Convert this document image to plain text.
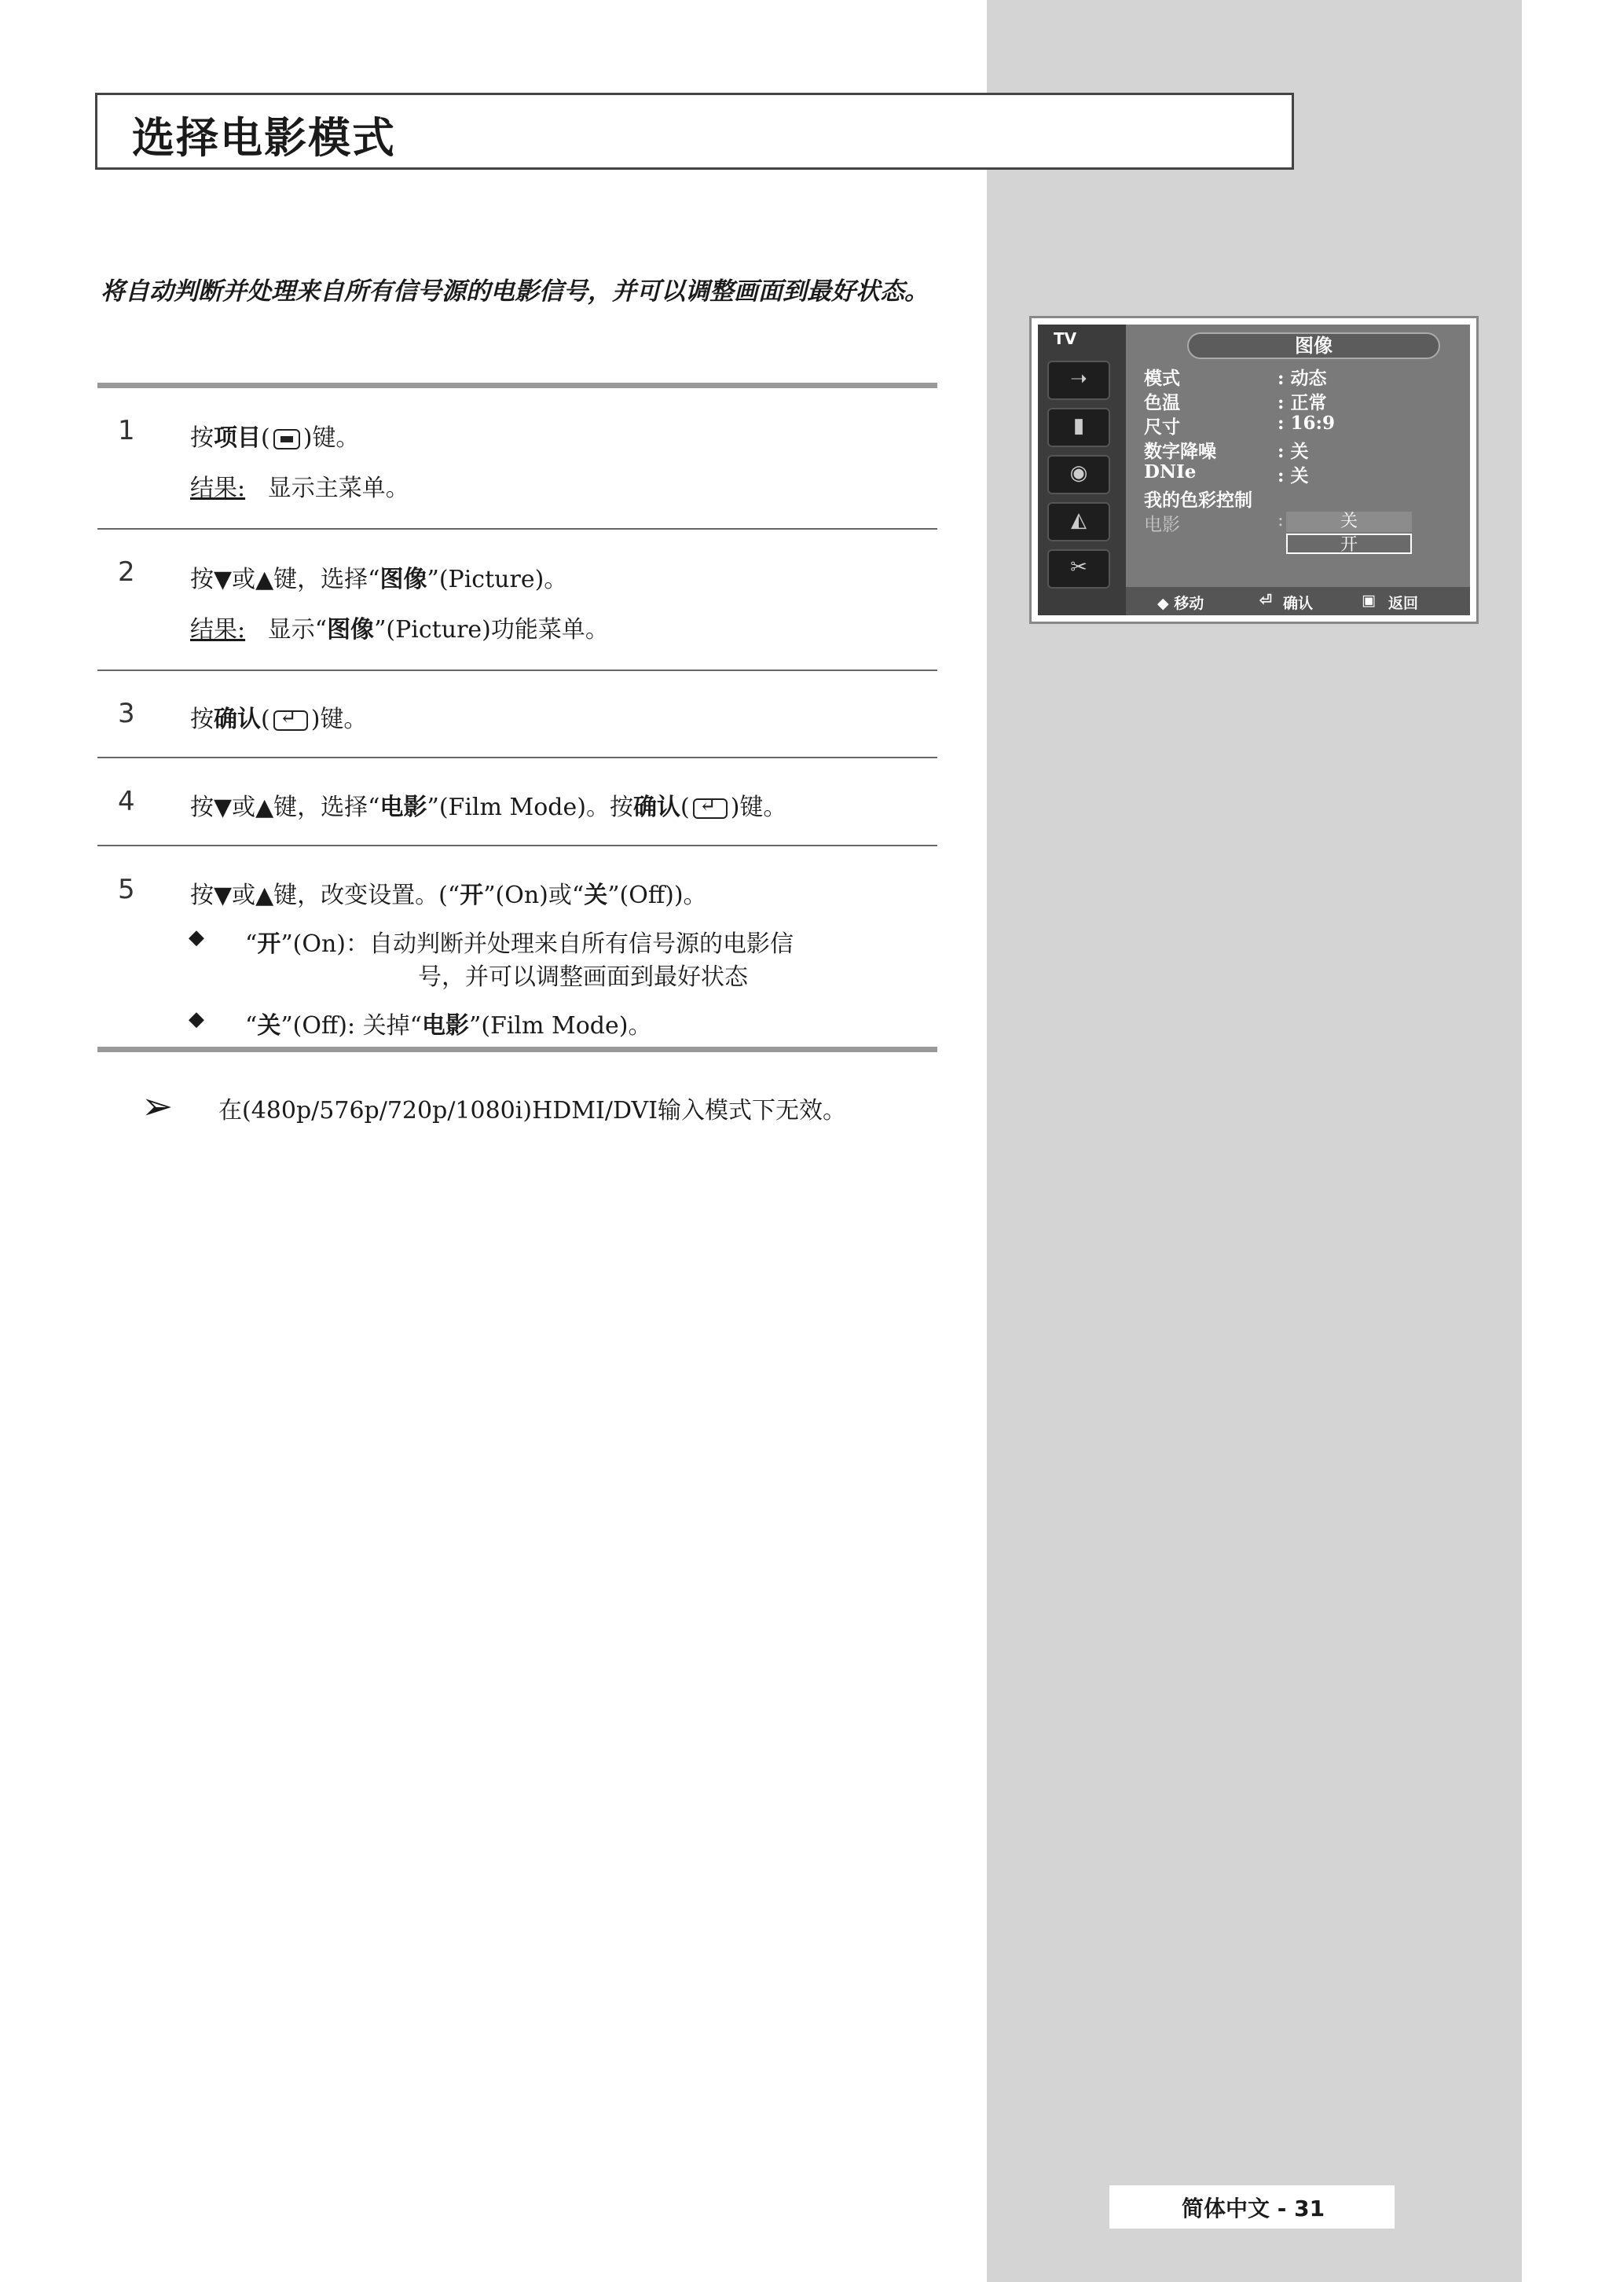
选择电影模式
将自动判断并处理来自所有信号源的电影信号，并可以调整画面到最好状态。
1 按项目( )键。
结果: 显示主菜单。
2 按▼或▲键，选择“图像”(Picture)。
结果: 显示“图像”(Picture)功能菜单。
3 按确认( ↵ )键。
4 按▼或▲键，选择“电影”(Film Mode)。按确认( ↵ )键。
5 按▼或▲键，改变设置。(“开”(On)或“关”(Off))。
◆ “开”(On)：自动判断并处理来自所有信号源的电影信
号，并可以调整画面到最好状态
◆ “关”(Off): 关掉“电影”(Film Mode)。
➢ 在(480p/576p/720p/1080i)HDMI/DVI输入模式下无效。
TV
➝
▮
◉
◭
✂
图像
模式	: 动态
色温	: 正常
尺寸	: 16:9
数字降噪	: 关
DNIe	: 关
我的色彩控制
电影	:	关
开
◆ 移动	⏎ 确认	▣ 返回
简体中文 - 31
